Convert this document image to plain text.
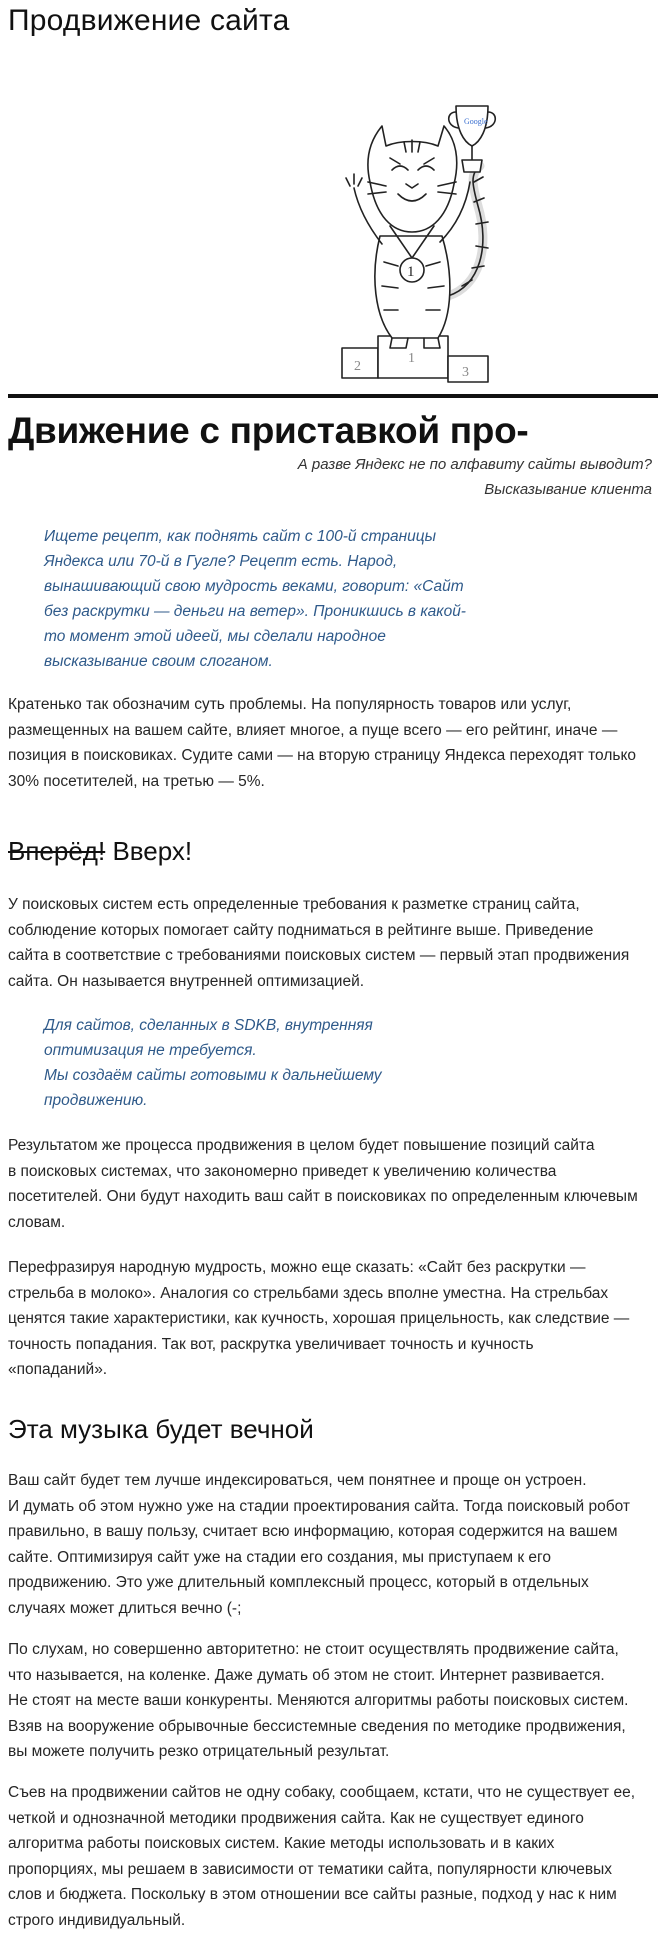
Продвижение сайта
Google
1
2
1
3
Движение с приставкой про-
А разве Яндекс не по алфавиту сайты выводит?
Высказывание клиента

Ищете рецепт, как поднять сайт с 100-й страницы
Яндекса или 70-й в Гугле? Рецепт есть. Народ,
вынашивающий свою мудрость веками, говорит: «Сайт
без раскрутки — деньги на ветер». Проникшись в какой-
то момент этой идеей, мы сделали народное
высказывание своим слоганом.

Кратенько так обозначим суть проблемы. На популярность товаров или услуг,
размещенных на вашем сайте, влияет многое, а пуще всего — его рейтинг, иначе —
позиция в поисковиках. Судите сами — на вторую страницу Яндекса переходят только
30% посетителей, на третью — 5%.

Вперёд! Вверх!

У поисковых систем есть определенные требования к разметке страниц сайта,
соблюдение которых помогает сайту подниматься в рейтинге выше. Приведение
сайта в соответствие с требованиями поисковых систем — первый этап продвижения
сайта. Он называется внутренней оптимизацией.

Для сайтов, сделанных в SDKB, внутренняя
оптимизация не требуется.
Мы создаём сайты готовыми к дальнейшему
продвижению.

Результатом же процесса продвижения в целом будет повышение позиций сайта
в поисковых системах, что закономерно приведет к увеличению количества
посетителей. Они будут находить ваш сайт в поисковиках по определенным ключевым
словам.

Перефразируя народную мудрость, можно еще сказать: «Сайт без раскрутки —
стрельба в молоко». Аналогия со стрельбами здесь вполне уместна. На стрельбах
ценятся такие характеристики, как кучность, хорошая прицельность, как следствие —
точность попадания. Так вот, раскрутка увеличивает точность и кучность
«попаданий».

Эта музыка будет вечной

Ваш сайт будет тем лучше индексироваться, чем понятнее и проще он устроен.
И думать об этом нужно уже на стадии проектирования сайта. Тогда поисковый робот
правильно, в вашу пользу, считает всю информацию, которая содержится на вашем
сайте. Оптимизируя сайт уже на стадии его создания, мы приступаем к его
продвижению. Это уже длительный комплексный процесс, который в отдельных
случаях может длиться вечно (-;

По слухам, но совершенно авторитетно: не стоит осуществлять продвижение сайта,
что называется, на коленке. Даже думать об этом не стоит. Интернет развивается.
Не стоят на месте ваши конкуренты. Меняются алгоритмы работы поисковых систем.
Взяв на вооружение обрывочные бессистемные сведения по методике продвижения,
вы можете получить резко отрицательный результат.

Съев на продвижении сайтов не одну собаку, сообщаем, кстати, что не существует ее,
четкой и однозначной методики продвижения сайта. Как не существует единого
алгоритма работы поисковых систем. Какие методы использовать и в каких
пропорциях, мы решаем в зависимости от тематики сайта, популярности ключевых
слов и бюджета. Поскольку в этом отношении все сайты разные, подход у нас к ним
строго индивидуальный.
